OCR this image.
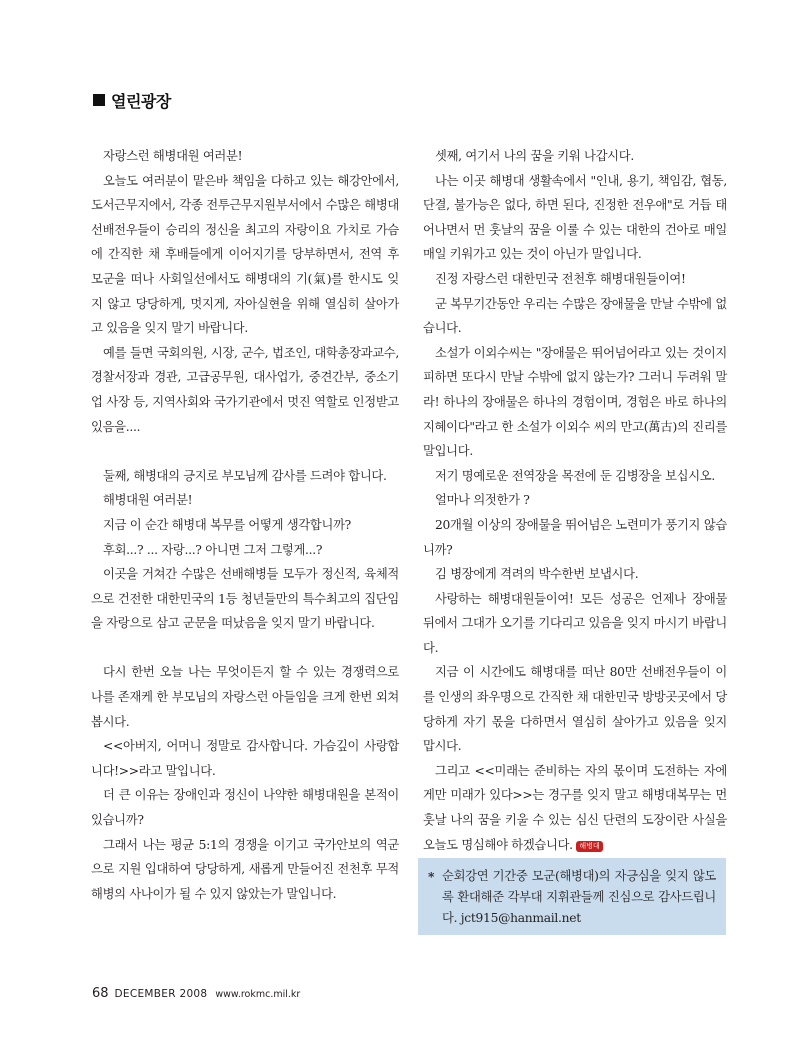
열린광장

자랑스런 해병대원 여러분!

오늘도 여러분이 맡은바 책임을 다하고 있는 해강안에서, 도서근무지에서, 각종 전투근무지원부서에서 수많은 해병대 선배전우들이 승리의 정신을 최고의 자랑이요 가치로 가슴에 간직한 채 후배들에게 이어지기를 당부하면서, 전역 후 모군을 떠나 사회일선에서도 해병대의 기(氣)를 한시도 잊지 않고 당당하게, 멋지게, 자아실현을 위해 열심히 살아가고 있음을 잊지 말기 바랍니다.

예를 들면 국회의원, 시장, 군수, 법조인, 대학총장과교수, 경찰서장과 경관, 고급공무원, 대사업가, 중견간부, 중소기업 사장 등, 지역사회와 국가기관에서 멋진 역할로 인정받고 있음을....

둘째, 해병대의 긍지로 부모님께 감사를 드려야 합니다.

해병대원 여러분!

지금 이 순간 해병대 복무를 어떻게 생각합니까?

후회...? ... 자랑...? 아니면 그저 그렇게...?

이곳을 거쳐간 수많은 선배해병들 모두가 정신적, 육체적으로 건전한 대한민국의 1등 청년들만의 특수최고의 집단임을 자랑으로 삼고 군문을 떠났음을 잊지 말기 바랍니다.

다시 한번 오늘 나는 무엇이든지 할 수 있는 경쟁력으로 나를 존재케 한 부모님의 자랑스런 아들임을 크게 한번 외쳐 봅시다.

<<아버지, 어머니 정말로 감사합니다. 가슴깊이 사랑합니다!>>라고 말입니다.

더 큰 이유는 장애인과 정신이 나약한 해병대원을 본적이 있습니까?

그래서 나는 평균 5:1의 경쟁을 이기고 국가안보의 역군으로 지원 입대하여 당당하게, 새롭게 만들어진 전천후 무적해병의 사나이가 될 수 있지 않았는가 말입니다.

셋째, 여기서 나의 꿈을 키워 나갑시다.

나는 이곳 해병대 생활속에서 "인내, 용기, 책임감, 협동, 단결, 불가능은 없다, 하면 된다, 진정한 전우애"로 거듭 태어나면서 먼 훗날의 꿈을 이룰 수 있는 대한의 건아로 매일매일 키워가고 있는 것이 아닌가 말입니다.

진정 자랑스런 대한민국 전천후 해병대원들이여!

군 복무기간동안 우리는 수많은 장애물을 만날 수밖에 없습니다.

소설가 이외수씨는 "장애물은 뛰어넘어라고 있는 것이지 피하면 또다시 만날 수밖에 없지 않는가? 그러니 두려워 말라! 하나의 장애물은 하나의 경험이며, 경험은 바로 하나의 지혜이다"라고 한 소설가 이외수 씨의 만고(萬古)의 진리를 말입니다.

저기 명예로운 전역장을 목전에 둔 김병장을 보십시오.

얼마나 의젓한가 ?

20개월 이상의 장애물을 뛰어넘은 노련미가 풍기지 않습니까?

김 병장에게 격려의 박수한번 보냅시다.

사랑하는 해병대원들이여! 모든 성공은 언제나 장애물 뒤에서 그대가 오기를 기다리고 있음을 잊지 마시기 바랍니다.

지금 이 시간에도 해병대를 떠난 80만 선배전우들이 이를 인생의 좌우명으로 간직한 채 대한민국 방방곳곳에서 당당하게 자기 몫을 다하면서 열심히 살아가고 있음을 잊지 맙시다.

그리고 <<미래는 준비하는 자의 몫이며 도전하는 자에게만 미래가 있다>>는 경구를 잊지 말고 해병대복무는 먼 훗날 나의 꿈을 키울 수 있는 심신 단련의 도장이란 사실을 오늘도 명심해야 하겠습니다. 해병대

* 순회강연 기간중 모군(해병대)의 자긍심을 잊지 않도록 환대해준 각부대 지휘관들께 진심으로 감사드립니다. jct915@hanmail.net
68 DECEMBER 2008 www.rokmc.mil.kr
